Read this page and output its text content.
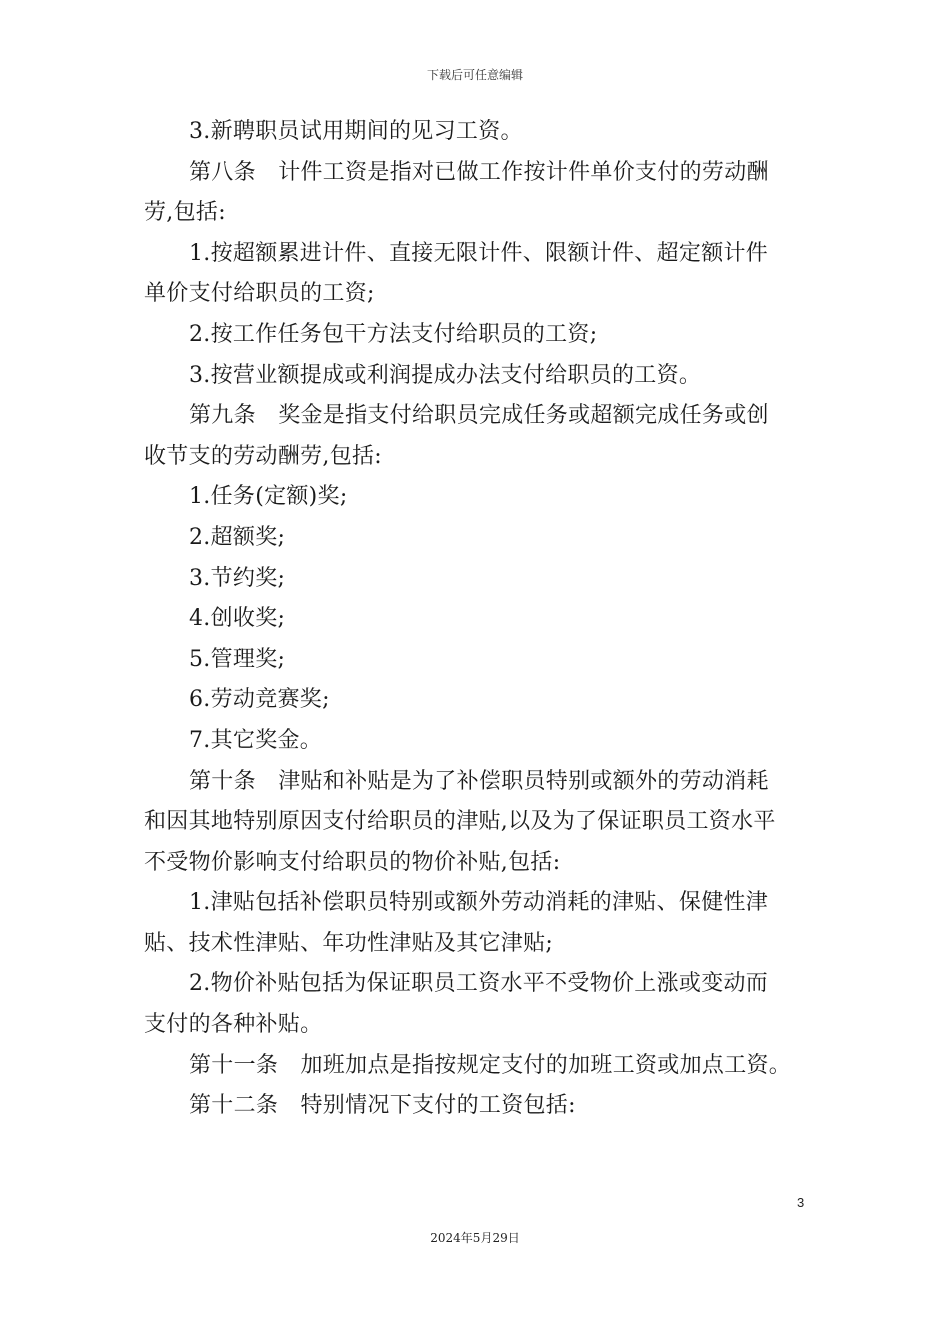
下载后可任意编辑
3.新聘职员试用期间的见习工资。
第八条　计件工资是指对已做工作按计件单价支付的劳动酬
劳,包括:
1.按超额累进计件、直接无限计件、限额计件、超定额计件
单价支付给职员的工资;
2.按工作任务包干方法支付给职员的工资;
3.按营业额提成或利润提成办法支付给职员的工资。
第九条　奖金是指支付给职员完成任务或超额完成任务或创
收节支的劳动酬劳,包括:
1.任务(定额)奖;
2.超额奖;
3.节约奖;
4.创收奖;
5.管理奖;
6.劳动竞赛奖;
7.其它奖金。
第十条　津贴和补贴是为了补偿职员特别或额外的劳动消耗
和因其地特别原因支付给职员的津贴,以及为了保证职员工资水平
不受物价影响支付给职员的物价补贴,包括:
1.津贴包括补偿职员特别或额外劳动消耗的津贴、保健性津
贴、技术性津贴、年功性津贴及其它津贴;
2.物价补贴包括为保证职员工资水平不受物价上涨或变动而
支付的各种补贴。
第十一条　加班加点是指按规定支付的加班工资或加点工资。
第十二条　特别情况下支付的工资包括:
3
2024年5月29日
